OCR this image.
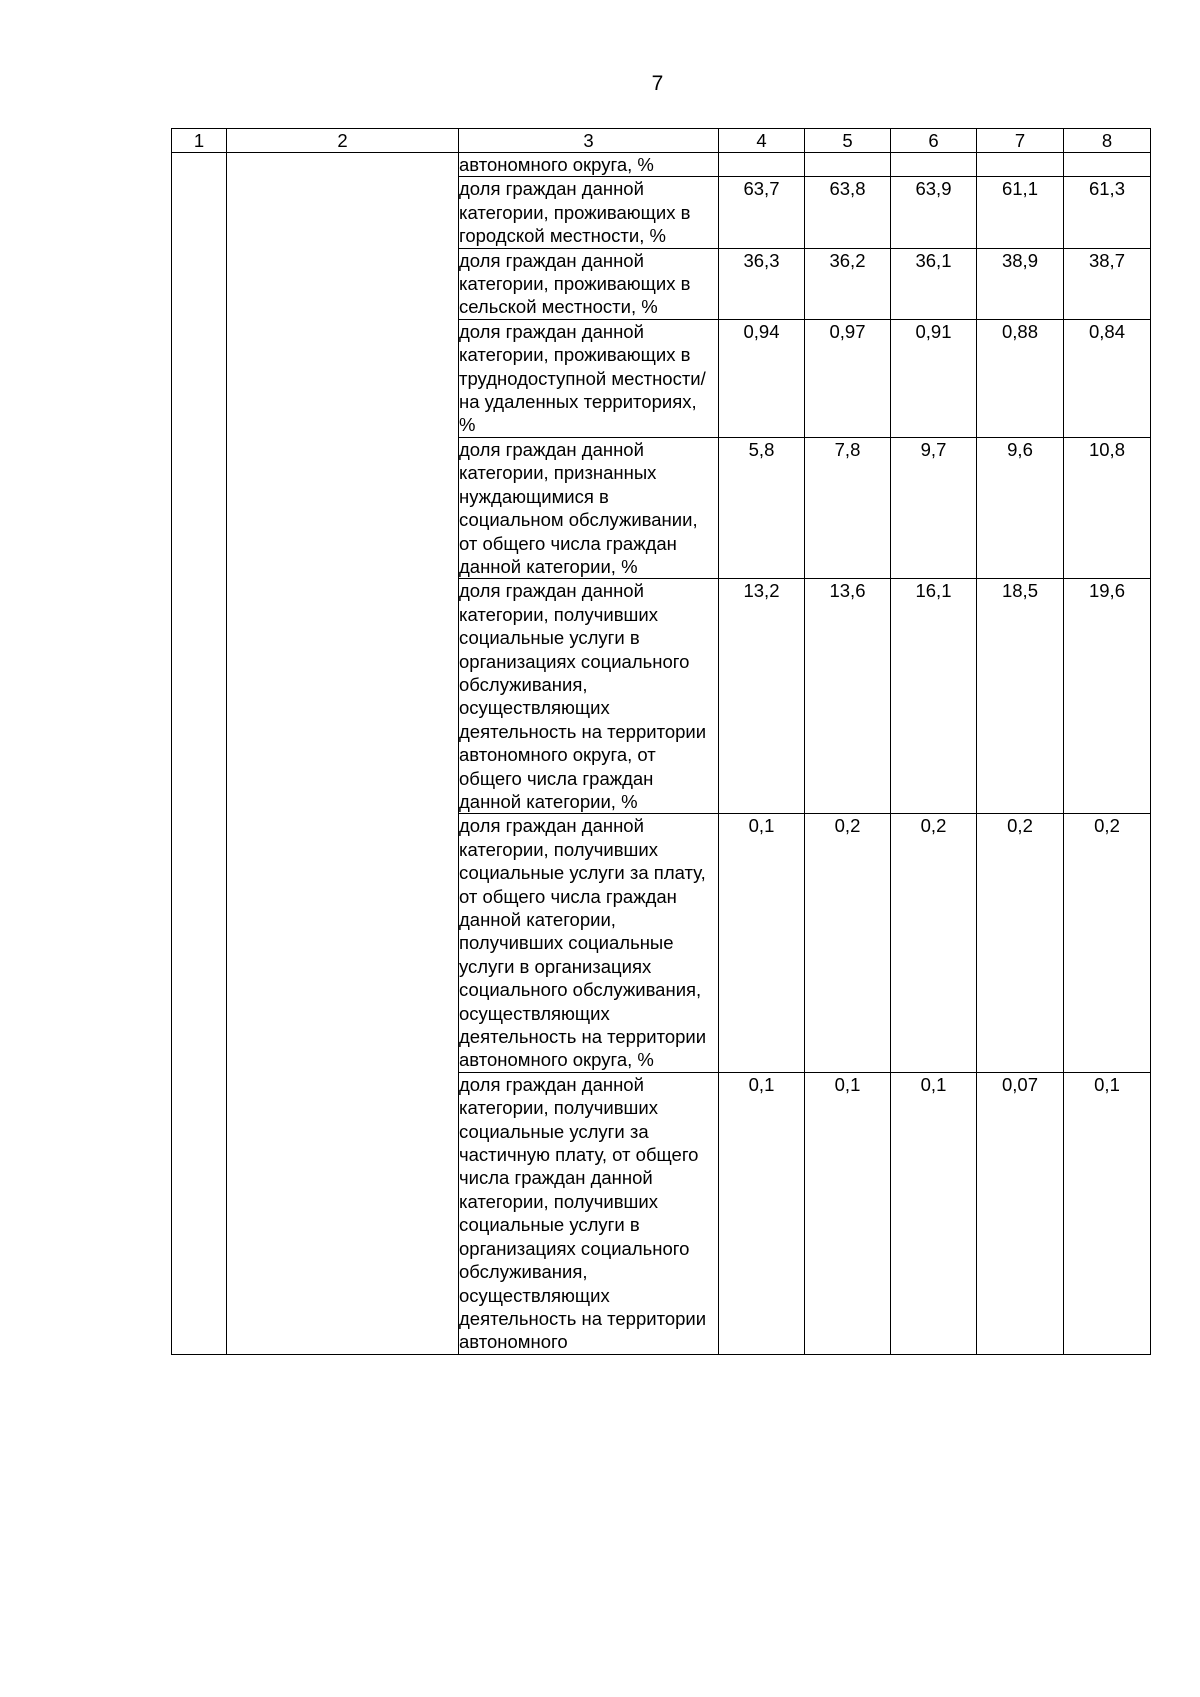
7
1	2	3	4	5	6	7	8
		автономного округа, %					
		доля граждан данной категории, проживающих в городской местности, %	63,7	63,8	63,9	61,1	61,3
		доля граждан данной категории, проживающих в сельской местности, %	36,3	36,2	36,1	38,9	38,7
		доля граждан данной категории, проживающих в труднодоступной местности/на удаленных территориях, %	0,94	0,97	0,91	0,88	0,84
		доля граждан данной категории, признанных нуждающимися в социальном обслуживании, от общего числа граждан данной категории, %	5,8	7,8	9,7	9,6	10,8
		доля граждан данной категории, получивших социальные услуги в организациях социального обслуживания, осуществляющих деятельность на территории автономного округа, от общего числа граждан данной категории, %	13,2	13,6	16,1	18,5	19,6
		доля граждан данной категории, получивших социальные услуги за плату, от общего числа граждан данной категории, получивших социальные услуги в организациях социального обслуживания, осуществляющих деятельность на территории автономного округа, %	0,1	0,2	0,2	0,2	0,2
		доля граждан данной категории, получивших социальные услуги за частичную плату, от общего числа граждан данной категории, получивших социальные услуги в организациях социального обслуживания, осуществляющих деятельность на территории автономного	0,1	0,1	0,1	0,07	0,1
